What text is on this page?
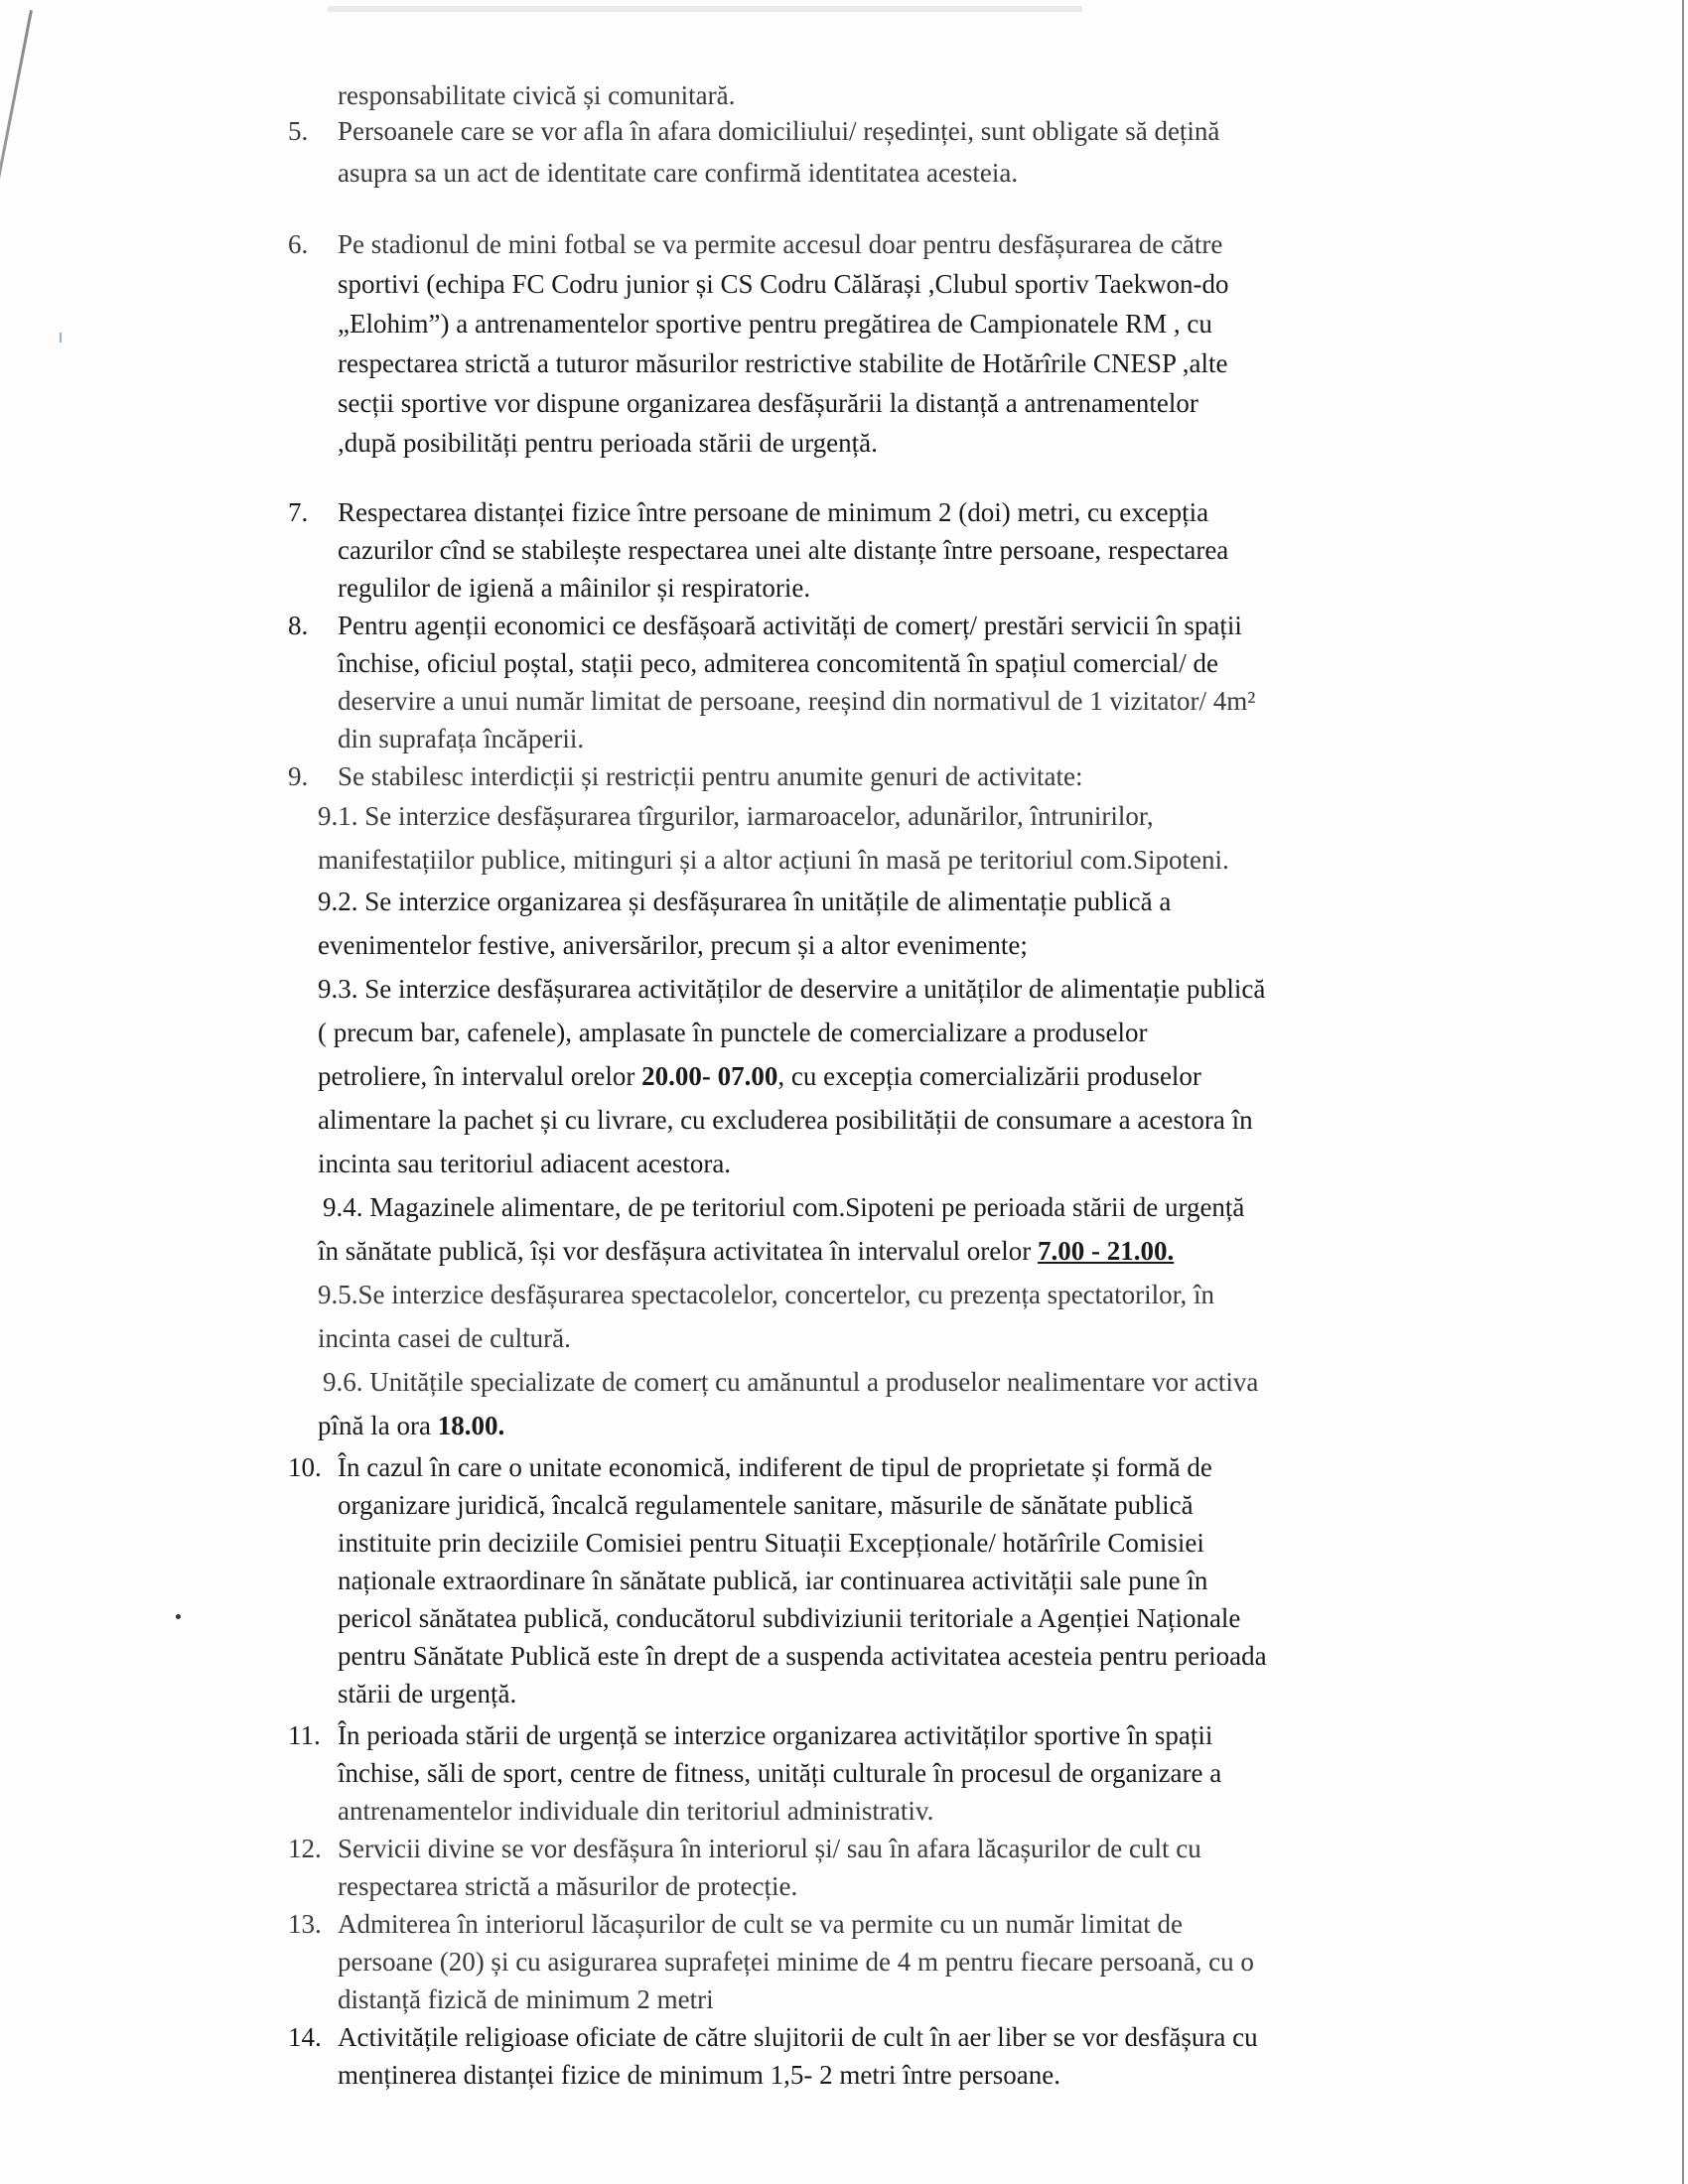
responsabilitate civică și comunitară.
5. Persoanele care se vor afla în afara domiciliului/ reședinței, sunt obligate să dețină
asupra sa un act de identitate care confirmă identitatea acesteia.
6. Pe stadionul de mini fotbal se va permite accesul doar pentru desfășurarea de către
sportivi (echipa FC Codru junior și CS Codru Călărași ,Clubul sportiv Taekwon-do
„Elohim”) a antrenamentelor sportive pentru pregătirea de Campionatele RM , cu
respectarea strictă a tuturor măsurilor restrictive stabilite de Hotărîrile CNESP ,alte
secții sportive vor dispune organizarea desfășurării la distanță a antrenamentelor
,după posibilități pentru perioada stării de urgență.
7. Respectarea distanței fizice între persoane de minimum 2 (doi) metri, cu excepția
cazurilor cînd se stabilește respectarea unei alte distanțe între persoane, respectarea
regulilor de igienă a mâinilor și respiratorie.
8. Pentru agenții economici ce desfășoară activități de comerț/ prestări servicii în spații
închise, oficiul poștal, stații peco, admiterea concomitentă în spațiul comercial/ de
deservire a unui număr limitat de persoane, reeșind din normativul de 1 vizitator/ 4m²
din suprafața încăperii.
9. Se stabilesc interdicții și restricții pentru anumite genuri de activitate:
9.1. Se interzice desfășurarea tîrgurilor, iarmaroacelor, adunărilor, întrunirilor,
manifestațiilor publice, mitinguri și a altor acțiuni în masă pe teritoriul com.Sipoteni.
9.2. Se interzice organizarea și desfășurarea în unitățile de alimentație publică a
evenimentelor festive, aniversărilor, precum și a altor evenimente;
9.3. Se interzice desfășurarea activităților de deservire a unităților de alimentație publică
( precum bar, cafenele), amplasate în punctele de comercializare a produselor
petroliere, în intervalul orelor 20.00- 07.00, cu excepția comercializării produselor
alimentare la pachet și cu livrare, cu excluderea posibilității de consumare a acestora în
incinta sau teritoriul adiacent acestora.
9.4. Magazinele alimentare, de pe teritoriul com.Sipoteni pe perioada stării de urgență
în sănătate publică, își vor desfășura activitatea în intervalul orelor 7.00 - 21.00.
9.5.Se interzice desfășurarea spectacolelor, concertelor, cu prezența spectatorilor, în
incinta casei de cultură.
9.6. Unitățile specializate de comerț cu amănuntul a produselor nealimentare vor activa
pînă la ora 18.00.
10. În cazul în care o unitate economică, indiferent de tipul de proprietate și formă de
organizare juridică, încalcă regulamentele sanitare, măsurile de sănătate publică
instituite prin deciziile Comisiei pentru Situații Excepționale/ hotărîrile Comisiei
naționale extraordinare în sănătate publică, iar continuarea activității sale pune în
pericol sănătatea publică, conducătorul subdiviziunii teritoriale a Agenției Naționale
pentru Sănătate Publică este în drept de a suspenda activitatea acesteia pentru perioada
stării de urgență.
11. În perioada stării de urgență se interzice organizarea activităților sportive în spații
închise, săli de sport, centre de fitness, unități culturale în procesul de organizare a
antrenamentelor individuale din teritoriul administrativ.
12. Servicii divine se vor desfășura în interiorul și/ sau în afara lăcașurilor de cult cu
respectarea strictă a măsurilor de protecție.
13. Admiterea în interiorul lăcașurilor de cult se va permite cu un număr limitat de
persoane (20) și cu asigurarea suprafeței minime de 4 m pentru fiecare persoană, cu o
distanță fizică de minimum 2 metri
14. Activitățile religioase oficiate de către slujitorii de cult în aer liber se vor desfășura cu
menținerea distanței fizice de minimum 1,5- 2 metri între persoane.
